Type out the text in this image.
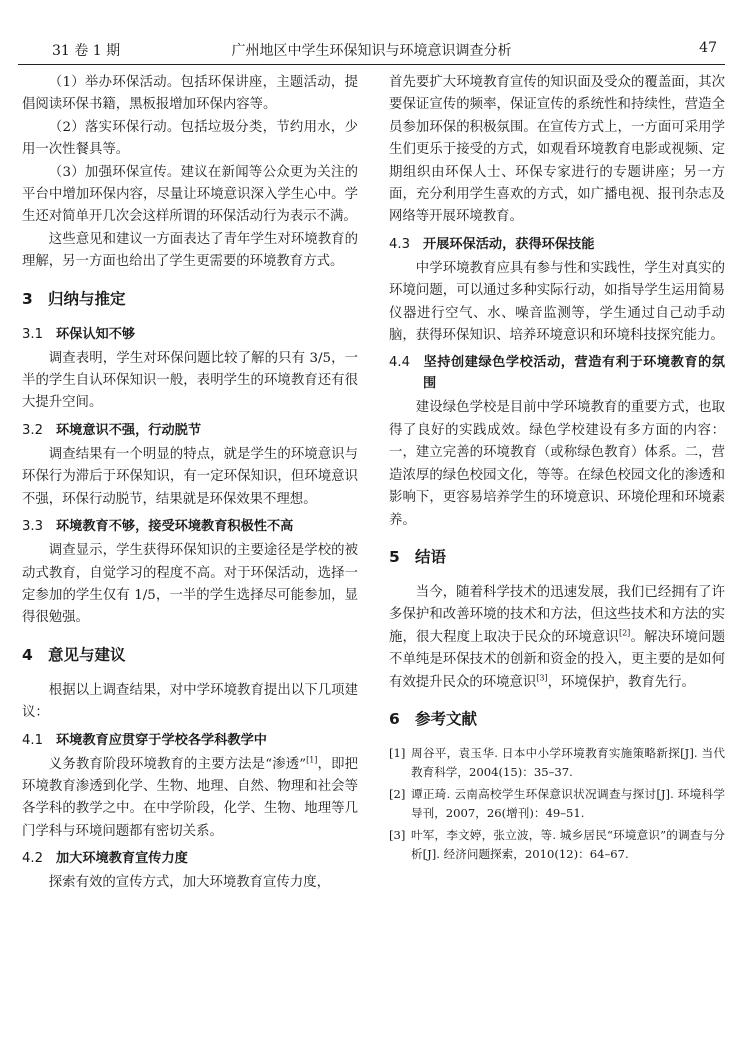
31 卷 1 期	广州地区中学生环保知识与环境意识调查分析	47

（1）举办环保活动。包括环保讲座，主题活动，提倡阅读环保书籍，黑板报增加环保内容等。

（2）落实环保行动。包括垃圾分类，节约用水，少用一次性餐具等。

（3）加强环保宣传。建议在新闻等公众更为关注的平台中增加环保内容，尽量让环境意识深入学生心中。学生还对简单开几次会这样所谓的环保活动行为表示不满。

这些意见和建议一方面表达了青年学生对环境教育的理解，另一方面也给出了学生更需要的环境教育方式。

3 归纳与推定
3.1 环保认知不够

调查表明，学生对环保问题比较了解的只有 3/5，一半的学生自认环保知识一般，表明学生的环境教育还有很大提升空间。

3.2 环境意识不强，行动脱节

调查结果有一个明显的特点，就是学生的环境意识与环保行为滞后于环保知识，有一定环保知识，但环境意识不强，环保行动脱节，结果就是环保效果不理想。

3.3 环境教育不够，接受环境教育积极性不高

调查显示，学生获得环保知识的主要途径是学校的被动式教育，自觉学习的程度不高。对于环保活动，选择一定参加的学生仅有 1/5，一半的学生选择尽可能参加，显得很勉强。

4 意见与建议

根据以上调查结果，对中学环境教育提出以下几项建议：

4.1 环境教育应贯穿于学校各学科教学中

义务教育阶段环境教育的主要方法是“渗透”[1]，即把环境教育渗透到化学、生物、地理、自然、物理和社会等各学科的教学之中。在中学阶段，化学、生物、地理等几门学科与环境问题都有密切关系。

4.2 加大环境教育宣传力度

探索有效的宣传方式，加大环境教育宣传力度，

首先要扩大环境教育宣传的知识面及受众的覆盖面，其次要保证宣传的频率，保证宣传的系统性和持续性，营造全员参加环保的积极氛围。在宣传方式上，一方面可采用学生们更乐于接受的方式，如观看环境教育电影或视频、定期组织由环保人士、环保专家进行的专题讲座；另一方面，充分利用学生喜欢的方式，如广播电视、报刊杂志及网络等开展环境教育。

4.3 开展环保活动，获得环保技能

中学环境教育应具有参与性和实践性，学生对真实的环境问题，可以通过多种实际行动，如指导学生运用简易仪器进行空气、水、噪音监测等，学生通过自己动手动脑，获得环保知识、培养环境意识和环境科技探究能力。

4.4 坚持创建绿色学校活动，营造有利于环境教育的氛围

建设绿色学校是目前中学环境教育的重要方式，也取得了良好的实践成效。绿色学校建设有多方面的内容：一，建立完善的环境教育（或称绿色教育）体系。二，营造浓厚的绿色校园文化，等等。在绿色校园文化的渗透和影响下，更容易培养学生的环境意识、环境伦理和环境素养。

5 结语

当今，随着科学技术的迅速发展，我们已经拥有了许多保护和改善环境的技术和方法，但这些技术和方法的实施，很大程度上取决于民众的环境意识[2]。解决环境问题不单纯是环保技术的创新和资金的投入，更主要的是如何有效提升民众的环境意识[3]，环境保护，教育先行。

6 参考文献
[1] 周谷平，袁玉华. 日本中小学环境教育实施策略新探[J]. 当代教育科学，2004(15)：35–37.
[2] 谭正琦. 云南高校学生环保意识状况调查与探讨[J]. 环境科学导刊，2007，26(增刊)：49–51.
[3] 叶军，李文婷，张立波，等. 城乡居民“环境意识”的调查与分析[J]. 经济问题探索，2010(12)：64–67.
